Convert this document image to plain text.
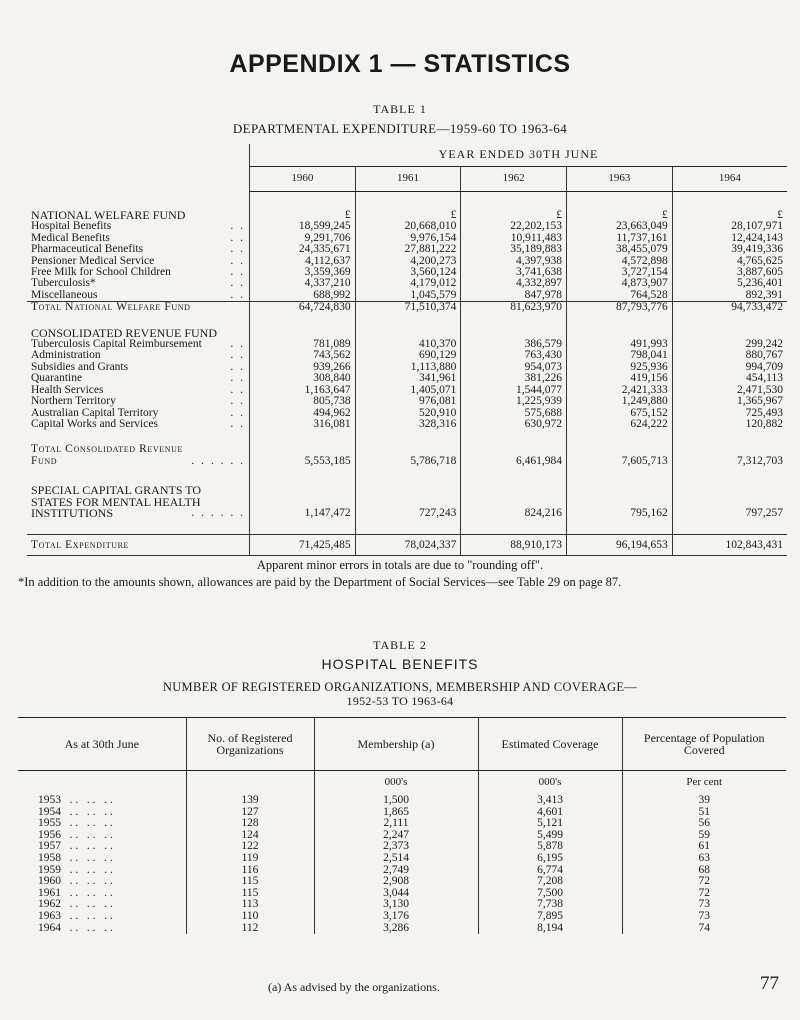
APPENDIX 1 — STATISTICS
TABLE 1
DEPARTMENTAL EXPENDITURE—1959-60 TO 1963-64
	YEAR ENDED 30TH JUNE				
	1960	1961	1962	1963	1964

NATIONAL WELFARE FUND	£	£	£	£	£
Hospital Benefits . .	18,599,245	20,668,010	22,202,153	23,663,049	28,107,971
Medical Benefits . .	9,291,706	9,976,154	10,911,483	11,737,161	12,424,143
Pharmaceutical Benefits . .	24,335,671	27,881,222	35,189,883	38,455,079	39,419,336
Pensioner Medical Service . .	4,112,637	4,200,273	4,397,938	4,572,898	4,765,625
Free Milk for School Children . .	3,359,369	3,560,124	3,741,638	3,727,154	3,887,605
Tuberculosis* . .	4,337,210	4,179,012	4,332,897	4,873,907	5,236,401
Miscellaneous . .	688,992	1,045,579	847,978	764,528	892,391
Total National Welfare Fund	64,724,830	71,510,374	81,623,970	87,793,776	94,733,472

CONSOLIDATED REVENUE FUND					
Tuberculosis Capital Reimbursement . .	781,089	410,370	386,579	491,993	299,242
Administration . .	743,562	690,129	763,430	798,041	880,767
Subsidies and Grants . .	939,266	1,113,880	954,073	925,936	994,709
Quarantine . .	308,840	341,961	381,226	419,156	454,113
Health Services . .	1,163,647	1,405,071	1,544,077	2,421,333	2,471,530
Northern Territory . .	805,738	976,081	1,225,939	1,249,880	1,365,967
Australian Capital Territory . .	494,962	520,910	575,688	675,152	725,493
Capital Works and Services . .	316,081	328,316	630,972	624,222	120,882

Total Consolidated Revenue					
Fund . . . . . .	5,553,185	5,786,718	6,461,984	7,605,713	7,312,703

SPECIAL CAPITAL GRANTS TO					
STATES FOR MENTAL HEALTH					
INSTITUTIONS . . . . . .	1,147,472	727,243	824,216	795,162	797,257

Total Expenditure	71,425,485	78,024,337	88,910,173	96,194,653	102,843,431
Apparent minor errors in totals are due to "rounding off".
*In addition to the amounts shown, allowances are paid by the Department of Social Services—see Table 29 on page 87.
TABLE 2
HOSPITAL BENEFITS
NUMBER OF REGISTERED ORGANIZATIONS, MEMBERSHIP AND COVERAGE—
1952-53 TO 1963-64
As at 30th June	No. of Registered Organizations	Membership (a)	Estimated Coverage	Percentage of Population Covered
		000's	000's	Per cent
1953   . .   . .   . .	139	1,500	3,413	39
1954   . .   . .   . .	127	1,865	4,601	51
1955   . .   . .   . .	128	2,111	5,121	56
1956   . .   . .   . .	124	2,247	5,499	59
1957   . .   . .   . .	122	2,373	5,878	61
1958   . .   . .   . .	119	2,514	6,195	63
1959   . .   . .   . .	116	2,749	6,774	68
1960   . .   . .   . .	115	2,908	7,208	72
1961   . .   . .   . .	115	3,044	7,500	72
1962   . .   . .   . .	113	3,130	7,738	73
1963   . .   . .   . .	110	3,176	7,895	73
1964   . .   . .   . .	112	3,286	8,194	74
(a) As advised by the organizations.	77
